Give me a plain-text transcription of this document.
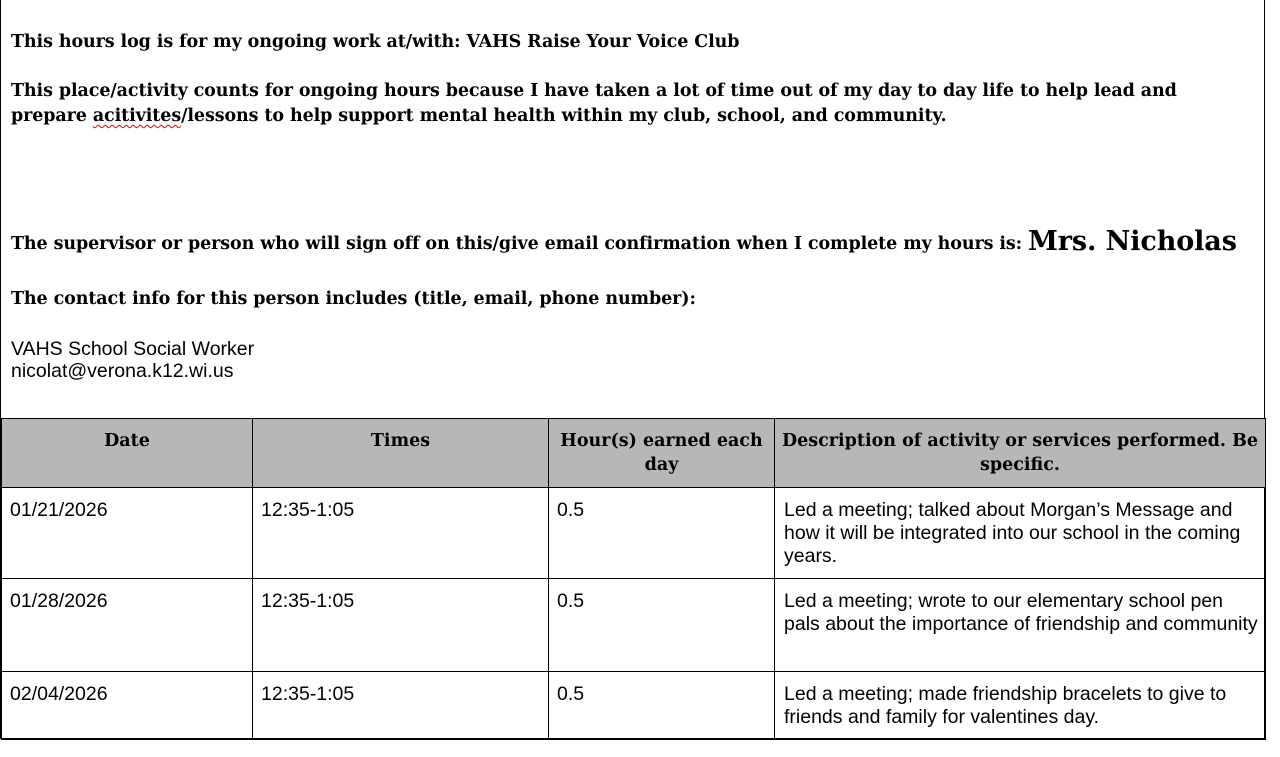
This hours log is for my ongoing work at/with: VAHS Raise Your Voice Club
This place/activity counts for ongoing hours because I have taken a lot of time out of my day to day life to help lead and prepare acitivites/lessons to help support mental health within my club, school, and community.
The supervisor or person who will sign off on this/give email confirmation when I complete my hours is: Mrs. Nicholas
The contact info for this person includes (title, email, phone number):
VAHS School Social Worker
nicolat@verona.k12.wi.us
Date	Times	Hour(s) earned each day	Description of activity or services performed. Be specific.
01/21/2026	12:35-1:05	0.5	Led a meeting; talked about Morgan’s Message and how it will be integrated into our school in the coming years.
01/28/2026	12:35-1:05	0.5	Led a meeting; wrote to our elementary school pen pals about the importance of friendship and community
02/04/2026	12:35-1:05	0.5	Led a meeting; made friendship bracelets to give to friends and family for valentines day.
